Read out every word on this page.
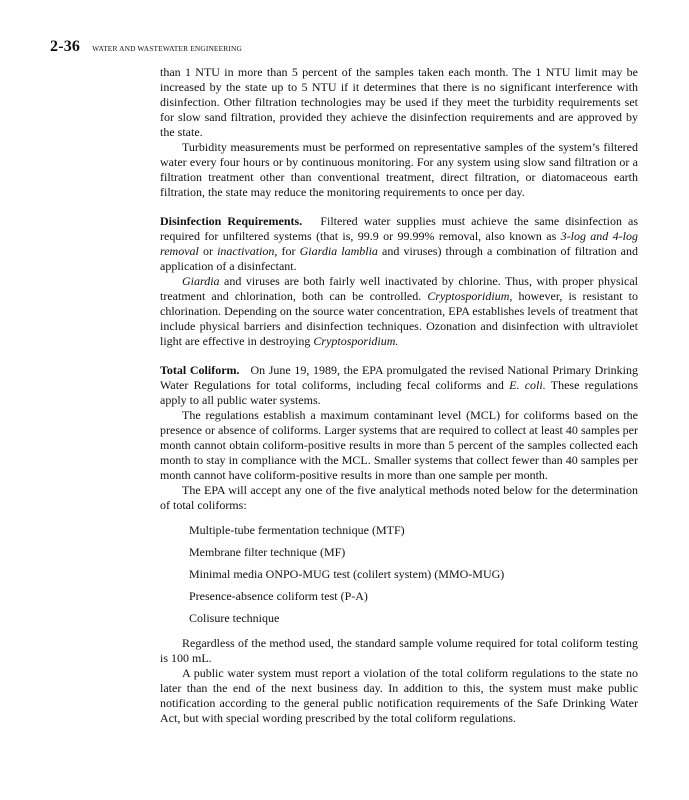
2-36 WATER AND WASTEWATER ENGINEERING

than 1 NTU in more than 5 percent of the samples taken each month. The 1 NTU limit may be increased by the state up to 5 NTU if it determines that there is no significant interference with disinfection. Other filtration technologies may be used if they meet the turbidity requirements set for slow sand filtration, provided they achieve the disinfection requirements and are approved by the state.

Turbidity measurements must be performed on representative samples of the system’s filtered water every four hours or by continuous monitoring. For any system using slow sand filtration or a filtration treatment other than conventional treatment, direct filtration, or diatomaceous earth filtration, the state may reduce the monitoring requirements to once per day.

Disinfection Requirements. Filtered water supplies must achieve the same disinfection as required for unfiltered systems (that is, 99.9 or 99.99% removal, also known as 3-log and 4-log removal or inactivation, for Giardia lamblia and viruses) through a combination of filtration and application of a disinfectant.

Giardia and viruses are both fairly well inactivated by chlorine. Thus, with proper physical treatment and chlorination, both can be controlled. Cryptosporidium, however, is resistant to chlorination. Depending on the source water concentration, EPA establishes levels of treatment that include physical barriers and disinfection techniques. Ozonation and disinfection with ultraviolet light are effective in destroying Cryptosporidium.

Total Coliform. On June 19, 1989, the EPA promulgated the revised National Primary Drinking Water Regulations for total coliforms, including fecal coliforms and E. coli. These regulations apply to all public water systems.

The regulations establish a maximum contaminant level (MCL) for coliforms based on the presence or absence of coliforms. Larger systems that are required to collect at least 40 samples per month cannot obtain coliform-positive results in more than 5 percent of the samples collected each month to stay in compliance with the MCL. Smaller systems that collect fewer than 40 samples per month cannot have coliform-positive results in more than one sample per month.

The EPA will accept any one of the five analytical methods noted below for the determination of total coliforms:

Multiple-tube fermentation technique (MTF)
Membrane filter technique (MF)
Minimal media ONPO-MUG test (colilert system) (MMO-MUG)
Presence-absence coliform test (P-A)
Colisure technique

Regardless of the method used, the standard sample volume required for total coliform testing is 100 mL.

A public water system must report a violation of the total coliform regulations to the state no later than the end of the next business day. In addition to this, the system must make public notification according to the general public notification requirements of the Safe Drinking Water Act, but with special wording prescribed by the total coliform regulations.
